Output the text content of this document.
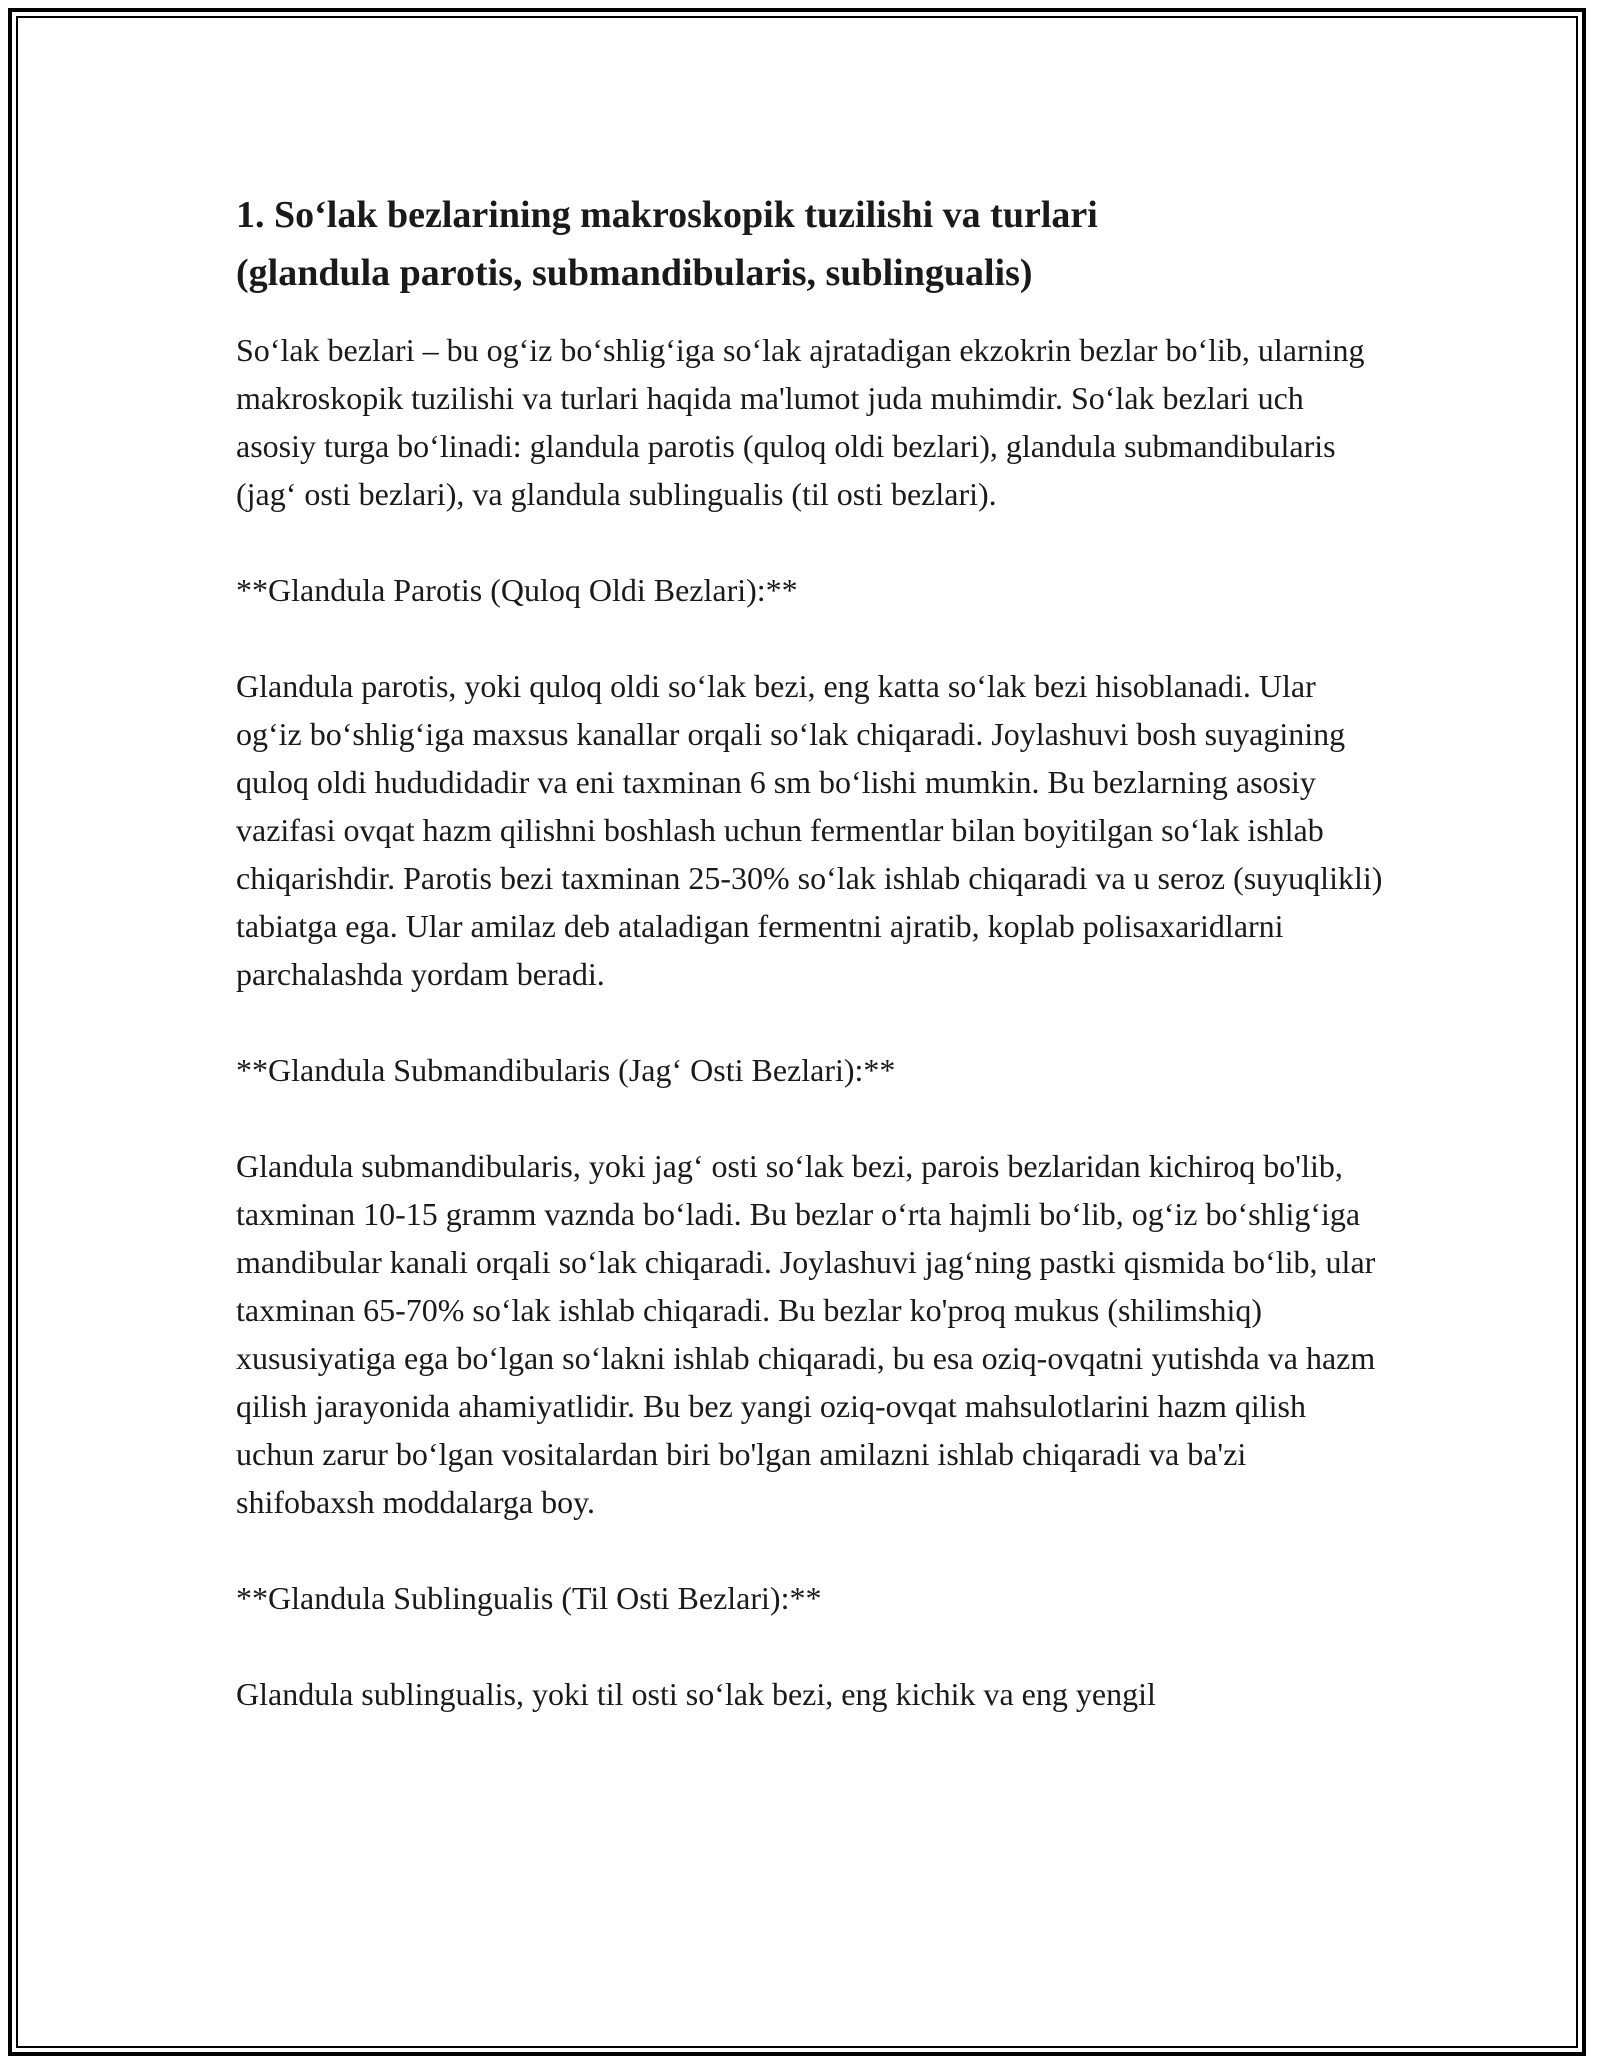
1. So‘lak bezlarining makroskopik tuzilishi va turlari
(glandula parotis, submandibularis, sublingualis)

So‘lak bezlari – bu og‘iz bo‘shlig‘iga so‘lak ajratadigan ekzokrin bezlar bo‘lib, ularning makroskopik tuzilishi va turlari haqida ma'lumot juda muhimdir. So‘lak bezlari uch asosiy turga bo‘linadi: glandula parotis (quloq oldi bezlari), glandula submandibularis (jag‘ osti bezlari), va glandula sublingualis (til osti bezlari).

**Glandula Parotis (Quloq Oldi Bezlari):**

Glandula parotis, yoki quloq oldi so‘lak bezi, eng katta so‘lak bezi hisoblanadi. Ular og‘iz bo‘shlig‘iga maxsus kanallar orqali so‘lak chiqaradi. Joylashuvi bosh suyagining quloq oldi hududidadir va eni taxminan 6 sm bo‘lishi mumkin. Bu bezlarning asosiy vazifasi ovqat hazm qilishni boshlash uchun fermentlar bilan boyitilgan so‘lak ishlab chiqarishdir. Parotis bezi taxminan 25-30% so‘lak ishlab chiqaradi va u seroz (suyuqlikli) tabiatga ega. Ular amilaz deb ataladigan fermentni ajratib, koplab polisaxaridlarni parchalashda yordam beradi.

**Glandula Submandibularis (Jag‘ Osti Bezlari):**

Glandula submandibularis, yoki jag‘ osti so‘lak bezi, parois bezlaridan kichiroq bo'lib, taxminan 10-15 gramm vaznda bo‘ladi. Bu bezlar o‘rta hajmli bo‘lib, og‘iz bo‘shlig‘iga mandibular kanali orqali so‘lak chiqaradi. Joylashuvi jag‘ning pastki qismida bo‘lib, ular taxminan 65-70% so‘lak ishlab chiqaradi. Bu bezlar ko'proq mukus (shilimshiq) xususiyatiga ega bo‘lgan so‘lakni ishlab chiqaradi, bu esa oziq-ovqatni yutishda va hazm qilish jarayonida ahamiyatlidir. Bu bez yangi oziq-ovqat mahsulotlarini hazm qilish uchun zarur bo‘lgan vositalardan biri bo'lgan amilazni ishlab chiqaradi va ba'zi shifobaxsh moddalarga boy.

**Glandula Sublingualis (Til Osti Bezlari):**

Glandula sublingualis, yoki til osti so‘lak bezi, eng kichik va eng yengil
